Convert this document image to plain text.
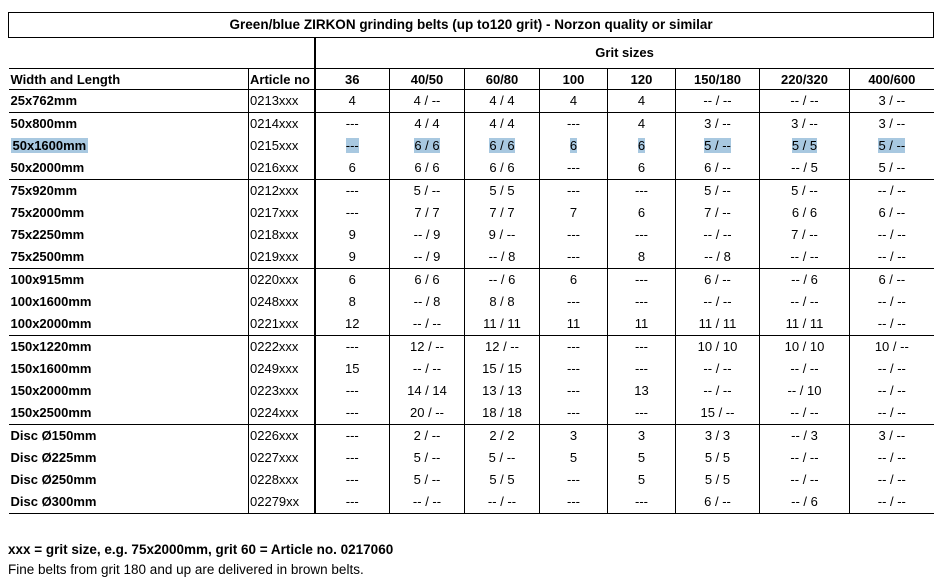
Green/blue ZIRKON grinding belts (up to120 grit) - Norzon quality or similar									
		Grit sizes							
Width and Length	Article no	36	40/50	60/80	100	120	150/180	220/320	400/600
25x762mm	0213xxx	4	4 / --	4 / 4	4	4	-- / --	-- / --	3 / --
50x800mm	0214xxx	---	4 / 4	4 / 4	---	4	3 / --	3 / --	3 / --
50x1600mm	0215xxx	---	6 / 6	6 / 6	6	6	5 / --	5 / 5	5 / --
50x2000mm	0216xxx	6	6 / 6	6 / 6	---	6	6 / --	-- / 5	5 / --
75x920mm	0212xxx	---	5 / --	5 / 5	---	---	5 / --	5 / --	-- / --
75x2000mm	0217xxx	---	7 / 7	7 / 7	7	6	7 / --	6 / 6	6 / --
75x2250mm	0218xxx	9	-- / 9	9 / --	---	---	-- / --	7 / --	-- / --
75x2500mm	0219xxx	9	-- / 9	-- / 8	---	8	-- / 8	-- / --	-- / --
100x915mm	0220xxx	6	6 / 6	-- / 6	6	---	6 / --	-- / 6	6 / --
100x1600mm	0248xxx	8	-- / 8	8 / 8	---	---	-- / --	-- / --	-- / --
100x2000mm	0221xxx	12	-- / --	11 / 11	11	11	11 / 11	11 / 11	-- / --
150x1220mm	0222xxx	---	12 / --	12 / --	---	---	10 / 10	10 / 10	10 / --
150x1600mm	0249xxx	15	-- / --	15 / 15	---	---	-- / --	-- / --	-- / --
150x2000mm	0223xxx	---	14 / 14	13 / 13	---	13	-- / --	-- / 10	-- / --
150x2500mm	0224xxx	---	20 / --	18 / 18	---	---	15 / --	-- / --	-- / --
Disc Ø150mm	0226xxx	---	2 / --	2 / 2	3	3	3 / 3	-- / 3	3 / --
Disc Ø225mm	0227xxx	---	5 / --	5 / --	5	5	5 / 5	-- / --	-- / --
Disc Ø250mm	0228xxx	---	5 / --	5 / 5	---	5	5 / 5	-- / --	-- / --
Disc Ø300mm	02279xx	---	-- / --	-- / --	---	---	6 / --	-- / 6	-- / --
xxx = grit size, e.g. 75x2000mm, grit 60 = Article no. 0217060
Fine belts from grit 180 and up are delivered in brown belts.
